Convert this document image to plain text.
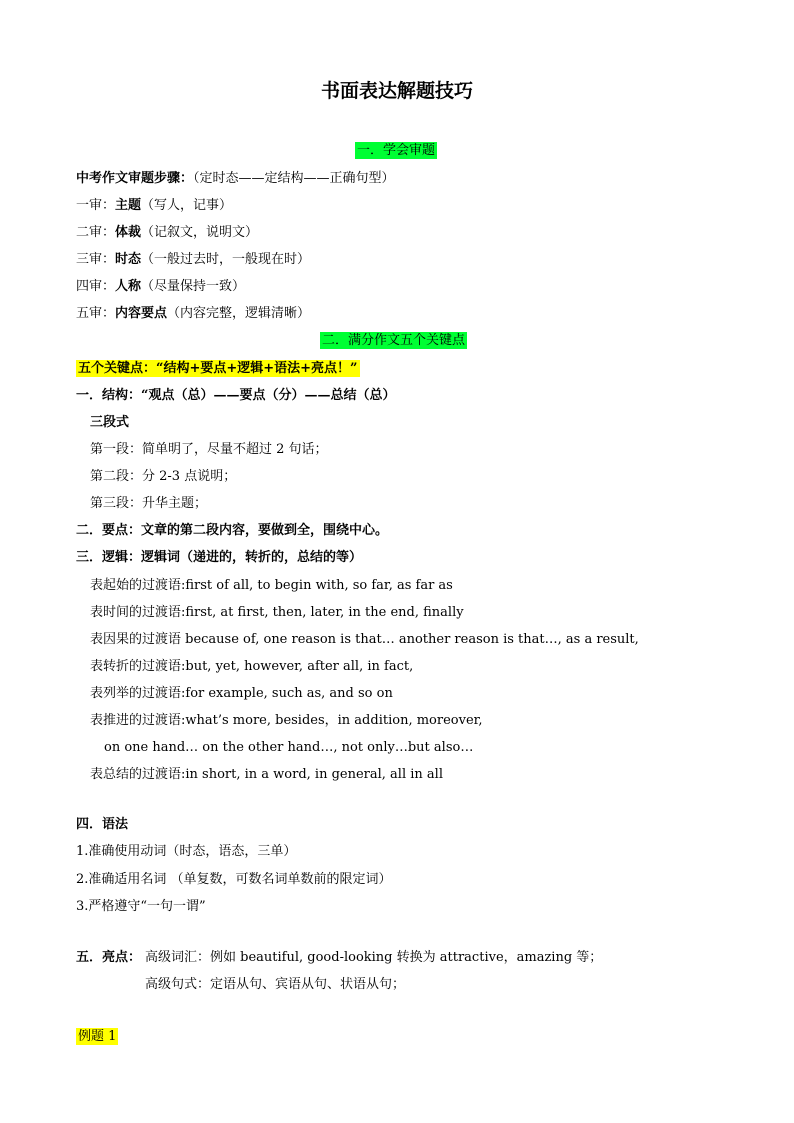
书面表达解题技巧
一．学会审题
中考作文审题步骤：（定时态——定结构——正确句型）
一审：主题（写人，记事）
二审：体裁（记叙文，说明文）
三审：时态（一般过去时，一般现在时）
四审：人称（尽量保持一致）
五审：内容要点（内容完整，逻辑清晰）
二．满分作文五个关键点
五个关键点：“结构+要点+逻辑+语法+亮点！”
一．结构：“观点（总）——要点（分）——总结（总）
三段式
第一段：简单明了，尽量不超过 2 句话；
第二段：分 2-3 点说明；
第三段：升华主题；
二．要点：文章的第二段内容，要做到全，围绕中心。
三．逻辑：逻辑词（递进的，转折的，总结的等）
表起始的过渡语:first of all, to begin with, so far, as far as
表时间的过渡语:first, at first, then, later, in the end, finally
表因果的过渡语 because of, one reason is that… another reason is that…, as a result,
表转折的过渡语:but, yet, however, after all, in fact,
表列举的过渡语:for example, such as, and so on
表推进的过渡语:what’s more, besides，in addition, moreover,
on one hand… on the other hand…, not only…but also…
表总结的过渡语:in short, in a word, in general, all in all
四．语法
1.准确使用动词（时态，语态，三单）
2.准确适用名词 （单复数，可数名词单数前的限定词）
3.严格遵守“一句一谓”
五．亮点： 高级词汇：例如 beautiful, good-looking 转换为 attractive，amazing 等；
高级句式：定语从句、宾语从句、状语从句；
例题 1
